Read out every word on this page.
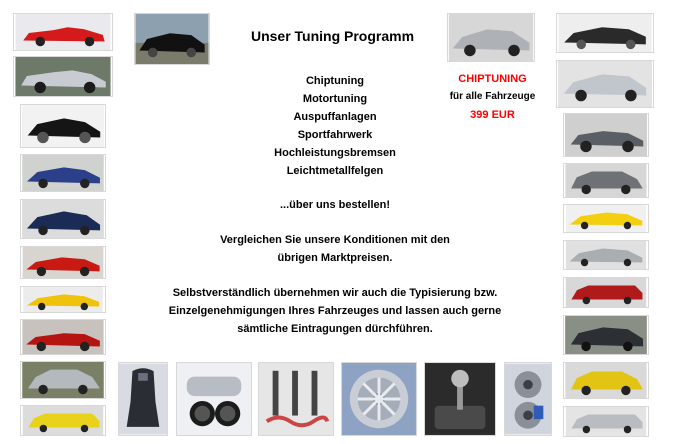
Unser Tuning Programm
Chiptuning
Motortuning
Auspuffanlagen
Sportfahrwerk
Hochleistungsbremsen
Leichtmetallfelgen
...über uns bestellen!
Vergleichen Sie unsere Konditionen mit den
übrigen Marktpreisen.
Selbstverständlich übernehmen wir auch die Typisierung bzw.
Einzelgenehmigungen Ihres Fahrzeuges und lassen auch gerne
sämtliche Eintragungen dürchführen.
CHIPTUNING
für alle Fahrzeuge
399 EUR
